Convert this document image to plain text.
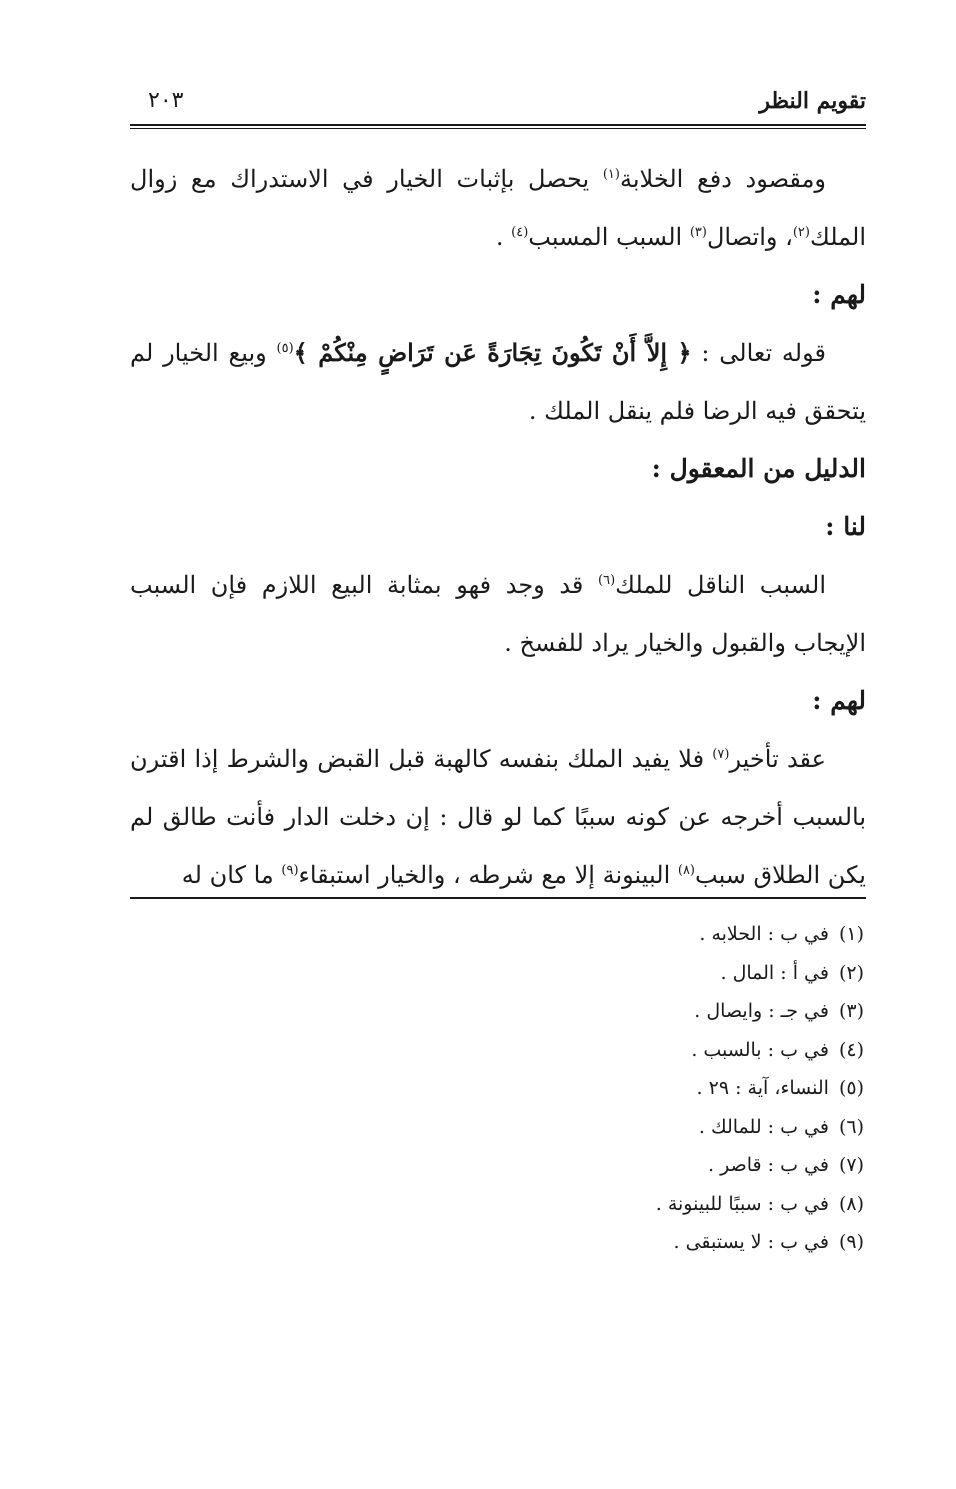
تقويم النظر
٢٠٣

ومقصود دفع الخلابة$^{(١)}$ يحصل بإثبات الخيار في الاستدراك مع زوال الملك$^{(٢)}$، واتصال$^{(٣)}$ السبب المسبب$^{(٤)}$ .

لهم :

قوله تعالى : ﴿ إِلاَّ أَنْ تَكُونَ تِجَارَةً عَن تَرَاضٍ مِنْكُمْ ﴾$^{(٥)}$ وبيع الخيار لم يتحقق فيه الرضا فلم ينقل الملك .

الدليل من المعقول :

لنا :

السبب الناقل للملك$^{(٦)}$ قد وجد فهو بمثابة البيع اللازم فإن السبب الإيجاب والقبول والخيار يراد للفسخ .

لهم :

عقد تأخير$^{(٧)}$ فلا يفيد الملك بنفسه كالهبة قبل القبض والشرط إذا اقترن بالسبب أخرجه عن كونه سببًا كما لو قال : إن دخلت الدار فأنت طالق لم يكن الطلاق سبب$^{(٨)}$ البينونة إلا مع شرطه ، والخيار استبقاء$^{(٩)}$ ما كان له

(١)في ب : الحلابه .

(٢)في أ : المال .

(٣)في جـ : وايصال .

(٤)في ب : بالسبب .

(٥)النساء، آية : ٢٩ .

(٦)في ب : للمالك .

(٧)في ب : قاصر .

(٨)في ب : سببًا للبينونة .

(٩)في ب : لا يستبقى .
